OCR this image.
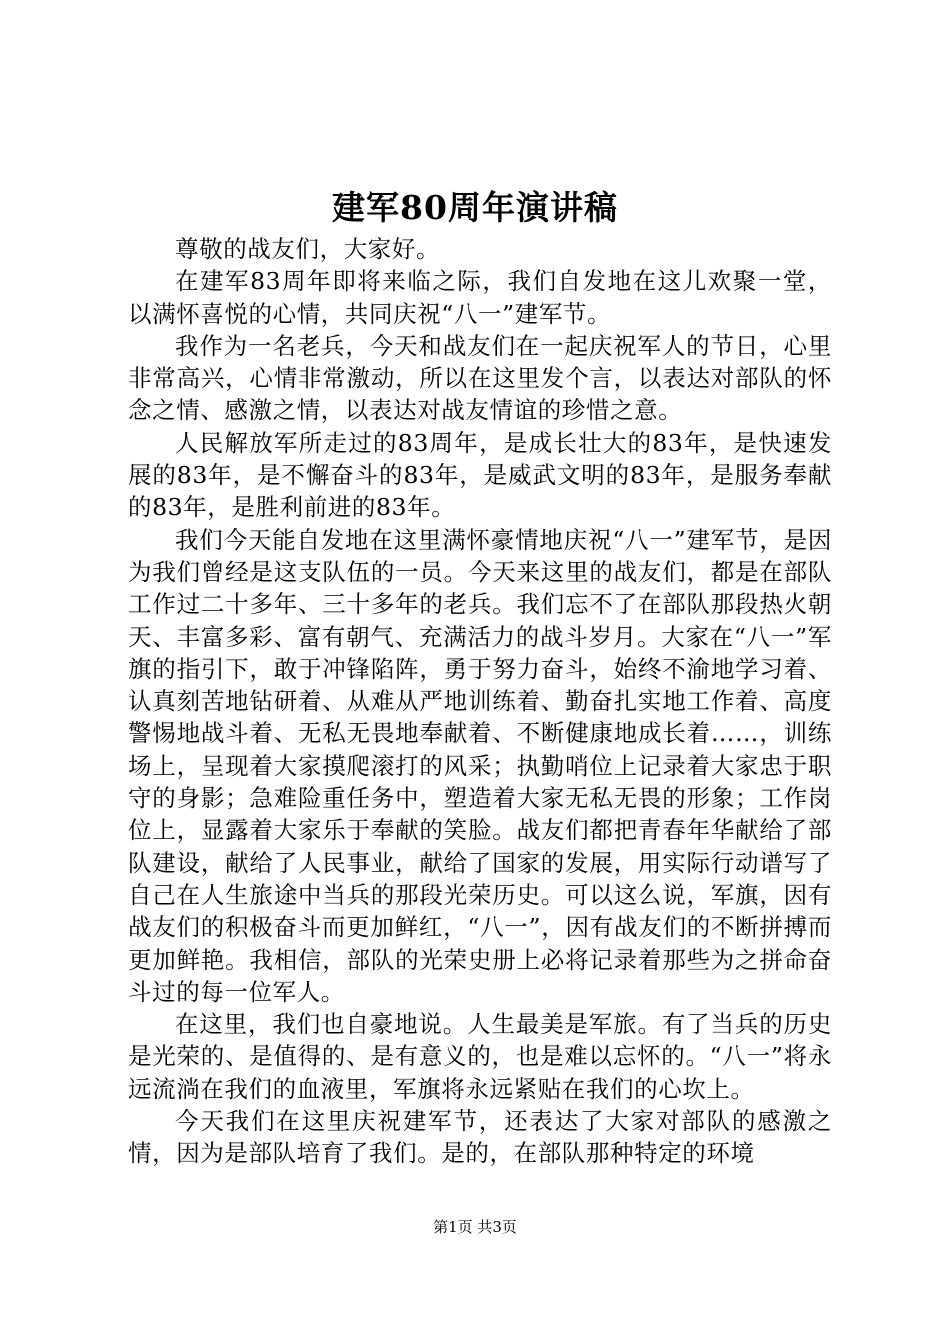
建军80周年演讲稿

尊敬的战友们，大家好。

在建军83周年即将来临之际，我们自发地在这儿欢聚一堂，以满怀喜悦的心情，共同庆祝“八一”建军节。

我作为一名老兵，今天和战友们在一起庆祝军人的节日，心里非常高兴，心情非常激动，所以在这里发个言，以表达对部队的怀念之情、感激之情，以表达对战友情谊的珍惜之意。

人民解放军所走过的83周年，是成长壮大的83年，是快速发展的83年，是不懈奋斗的83年，是威武文明的83年，是服务奉献的83年，是胜利前进的83年。

我们今天能自发地在这里满怀豪情地庆祝“八一”建军节，是因为我们曾经是这支队伍的一员。今天来这里的战友们，都是在部队工作过二十多年、三十多年的老兵。我们忘不了在部队那段热火朝天、丰富多彩、富有朝气、充满活力的战斗岁月。大家在“八一”军旗的指引下，敢于冲锋陷阵，勇于努力奋斗，始终不渝地学习着、认真刻苦地钻研着、从难从严地训练着、勤奋扎实地工作着、高度警惕地战斗着、无私无畏地奉献着、不断健康地成长着……，训练场上，呈现着大家摸爬滚打的风采；执勤哨位上记录着大家忠于职守的身影；急难险重任务中，塑造着大家无私无畏的形象；工作岗位上，显露着大家乐于奉献的笑脸。战友们都把青春年华献给了部队建设，献给了人民事业，献给了国家的发展，用实际行动谱写了自己在人生旅途中当兵的那段光荣历史。可以这么说，军旗，因有战友们的积极奋斗而更加鲜红，“八一”，因有战友们的不断拼搏而更加鲜艳。我相信，部队的光荣史册上必将记录着那些为之拼命奋斗过的每一位军人。

在这里，我们也自豪地说。人生最美是军旅。有了当兵的历史是光荣的、是值得的、是有意义的，也是难以忘怀的。“八一”将永远流淌在我们的血液里，军旗将永远紧贴在我们的心坎上。

今天我们在这里庆祝建军节，还表达了大家对部队的感激之情，因为是部队培育了我们。是的，在部队那种特定的环境

第1页 共3页
